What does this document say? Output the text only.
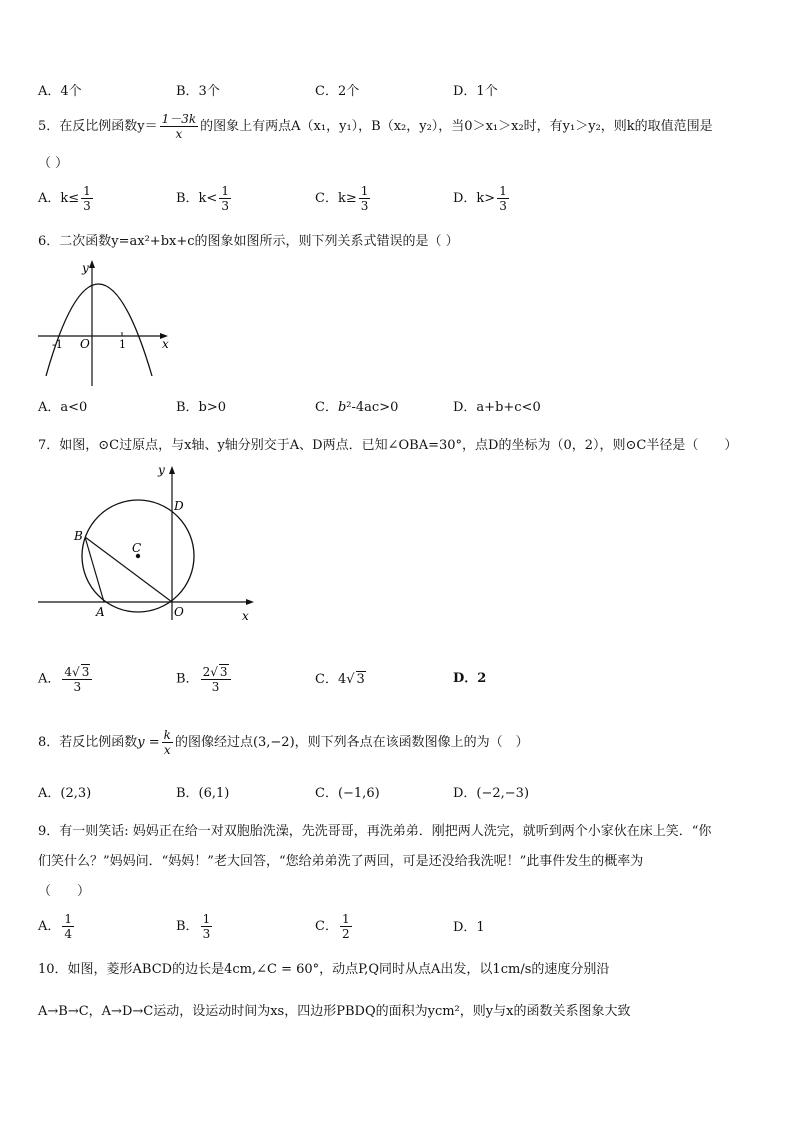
A．4个	B．3个	C．2个	D．1个
5．在反比例函数$y= \frac{1-3k}{x}$ 的图象上有两点A（x₁，y₁），B（x₂，y₂），当0＞x₁＞x₂时，有y₁＞y₂，则k的取值范围是
（ ）
A．$k\le \frac{1}{3}$	B．$k< \frac{1}{3}$	C．$k\ge \frac{1}{3}$	D．$k> \frac{1}{3}$
6．二次函数y=ax²+bx+c的图象如图所示，则下列关系式错误的是（ ）
y
x
O
-1	1
A．a<0	B．b>0	C．b²-4ac>0	D．a+b+c<0
7．如图，⊙C过原点，与x轴、y轴分别交于A、D两点．已知∠OBA=30°，点D的坐标为（0，2），则⊙C半径是（　　）
B
C
D
A	O	x
y
A． $\frac{4√ 3}{3}$	B． $\frac{2√ 3}{3}$	C．4√ 3	D．2
8．若反比例函数$y = \frac{k}{x}$ 的图像经过点(3,−2)，则下列各点在该函数图像上的为（　）
A．(2,3)	B．(6,1)	C．(−1,6)	D．(−2,−3)
9．有一则笑话: 妈妈正在给一对双胞胎洗澡，先洗哥哥，再洗弟弟．刚把两人洗完，就听到两个小家伙在床上笑．“你
们笑什么？”妈妈问．“妈妈！”老大回答，“您给弟弟洗了两回，可是还没给我洗呢！”此事件发生的概率为
（　　）
A． $\frac{1}{4}$	B． $\frac{1}{3}$	C． $\frac{1}{2}$	D．1
10．如图，菱形ABCD的边长是4cm,∠C = 60°，动点P,Q同时从点A出发，以1cm/s的速度分别沿
A→B→C，A→D→C运动，设运动时间为xs，四边形PBDQ的面积为ycm²，则y与x的函数关系图象大致
